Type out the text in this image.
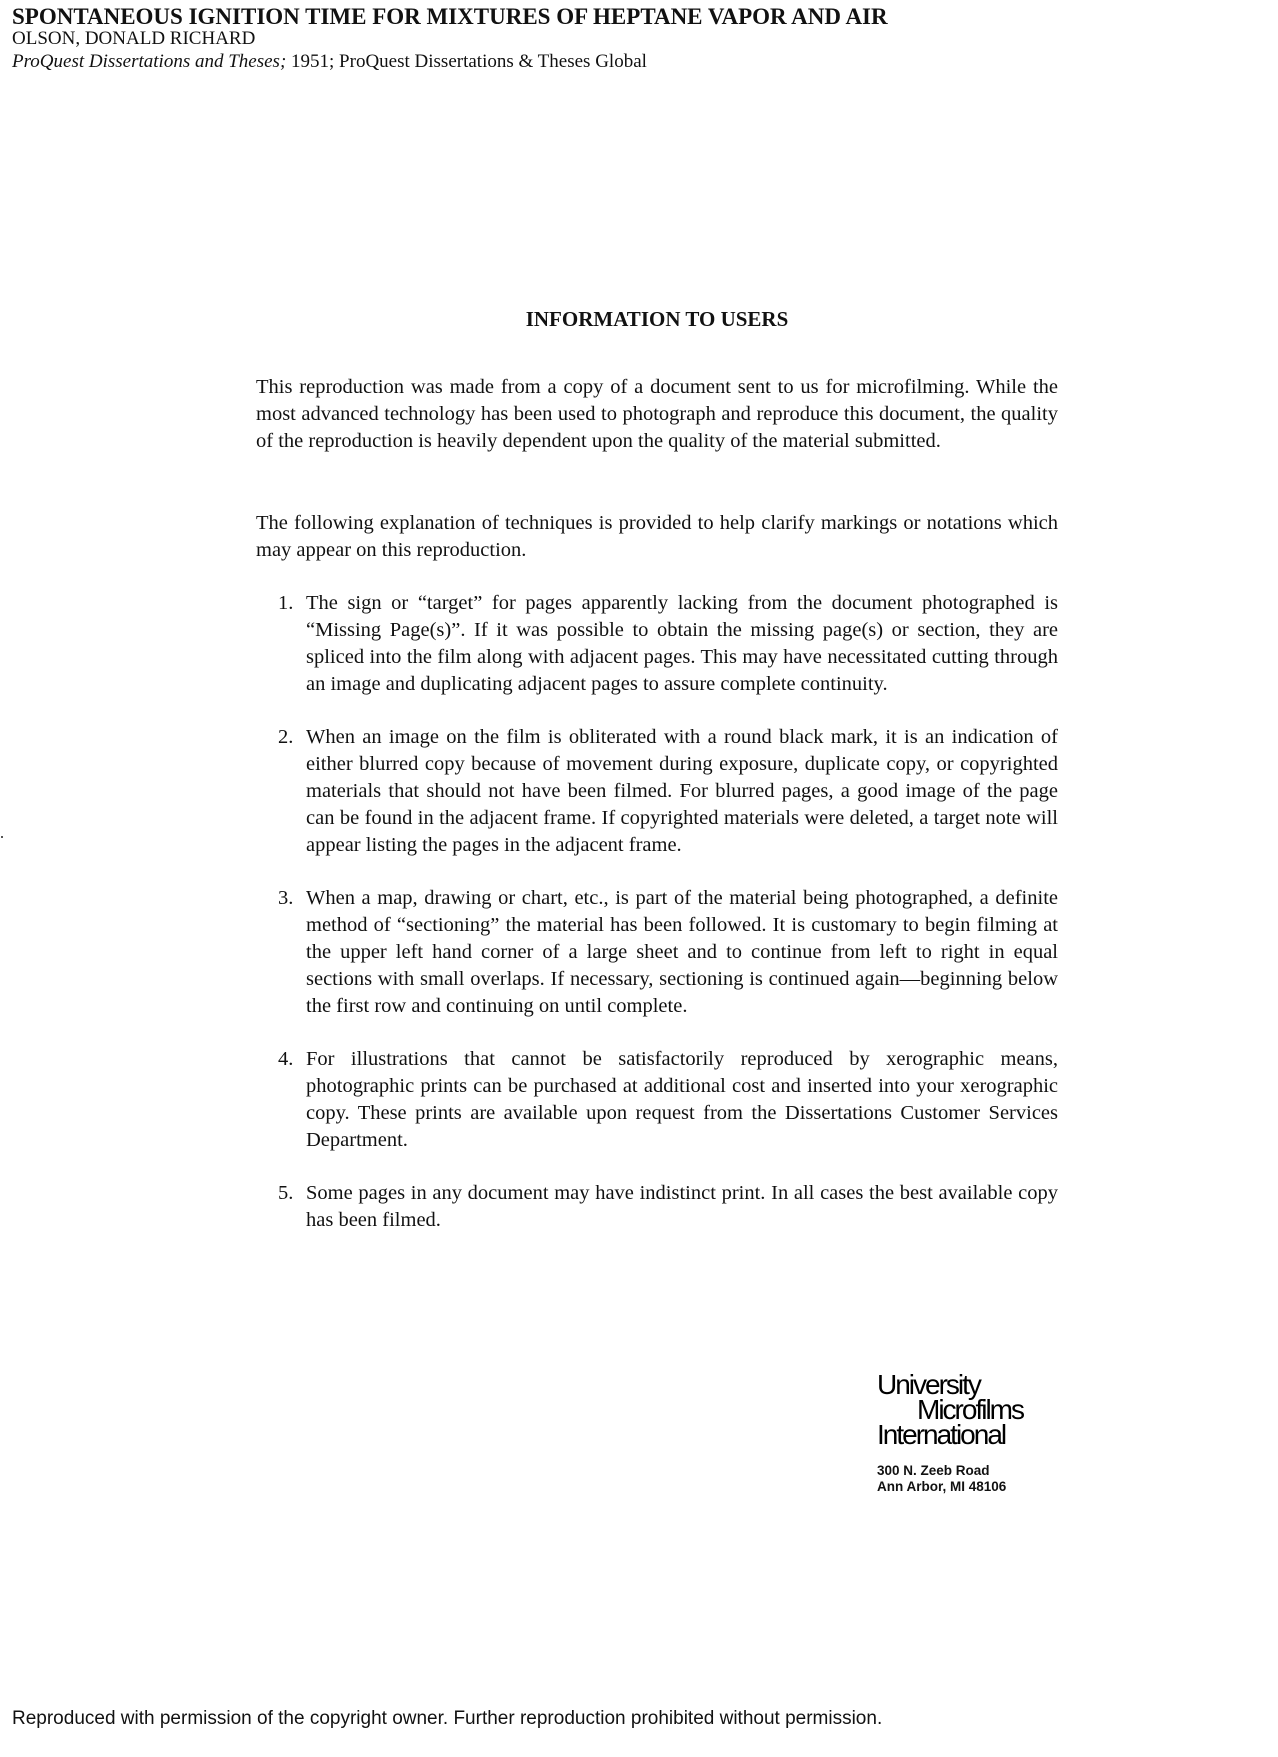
SPONTANEOUS IGNITION TIME FOR MIXTURES OF HEPTANE VAPOR AND AIR
OLSON, DONALD RICHARD
ProQuest Dissertations and Theses; 1951; ProQuest Dissertations & Theses Global
INFORMATION TO USERS

This reproduction was made from a copy of a document sent to us for microfilming. While the most advanced technology has been used to photograph and reproduce this document, the quality of the reproduction is heavily dependent upon the quality of the material submitted.

The following explanation of techniques is provided to help clarify markings or notations which may appear on this reproduction.

1. The sign or “target” for pages apparently lacking from the document photographed is “Missing Page(s)”. If it was possible to obtain the missing page(s) or section, they are spliced into the film along with adjacent pages. This may have necessitated cutting through an image and duplicating adjacent pages to assure complete continuity.
2. When an image on the film is obliterated with a round black mark, it is an indication of either blurred copy because of movement during exposure, duplicate copy, or copyrighted materials that should not have been filmed. For blurred pages, a good image of the page can be found in the adjacent frame. If copyrighted materials were deleted, a target note will appear listing the pages in the adjacent frame.
3. When a map, drawing or chart, etc., is part of the material being photographed, a definite method of “sectioning” the material has been followed. It is customary to begin filming at the upper left hand corner of a large sheet and to continue from left to right in equal sections with small overlaps. If necessary, sectioning is continued again—beginning below the first row and continuing on until complete.
4. For illustrations that cannot be satisfactorily reproduced by xerographic means, photographic prints can be purchased at additional cost and inserted into your xerographic copy. These prints are available upon request from the Dissertations Customer Services Department.
5. Some pages in any document may have indistinct print. In all cases the best available copy has been filmed.
University
Microfilms
International
300 N. Zeeb Road
Ann Arbor, MI 48106
Reproduced with permission of the copyright owner. Further reproduction prohibited without permission.
